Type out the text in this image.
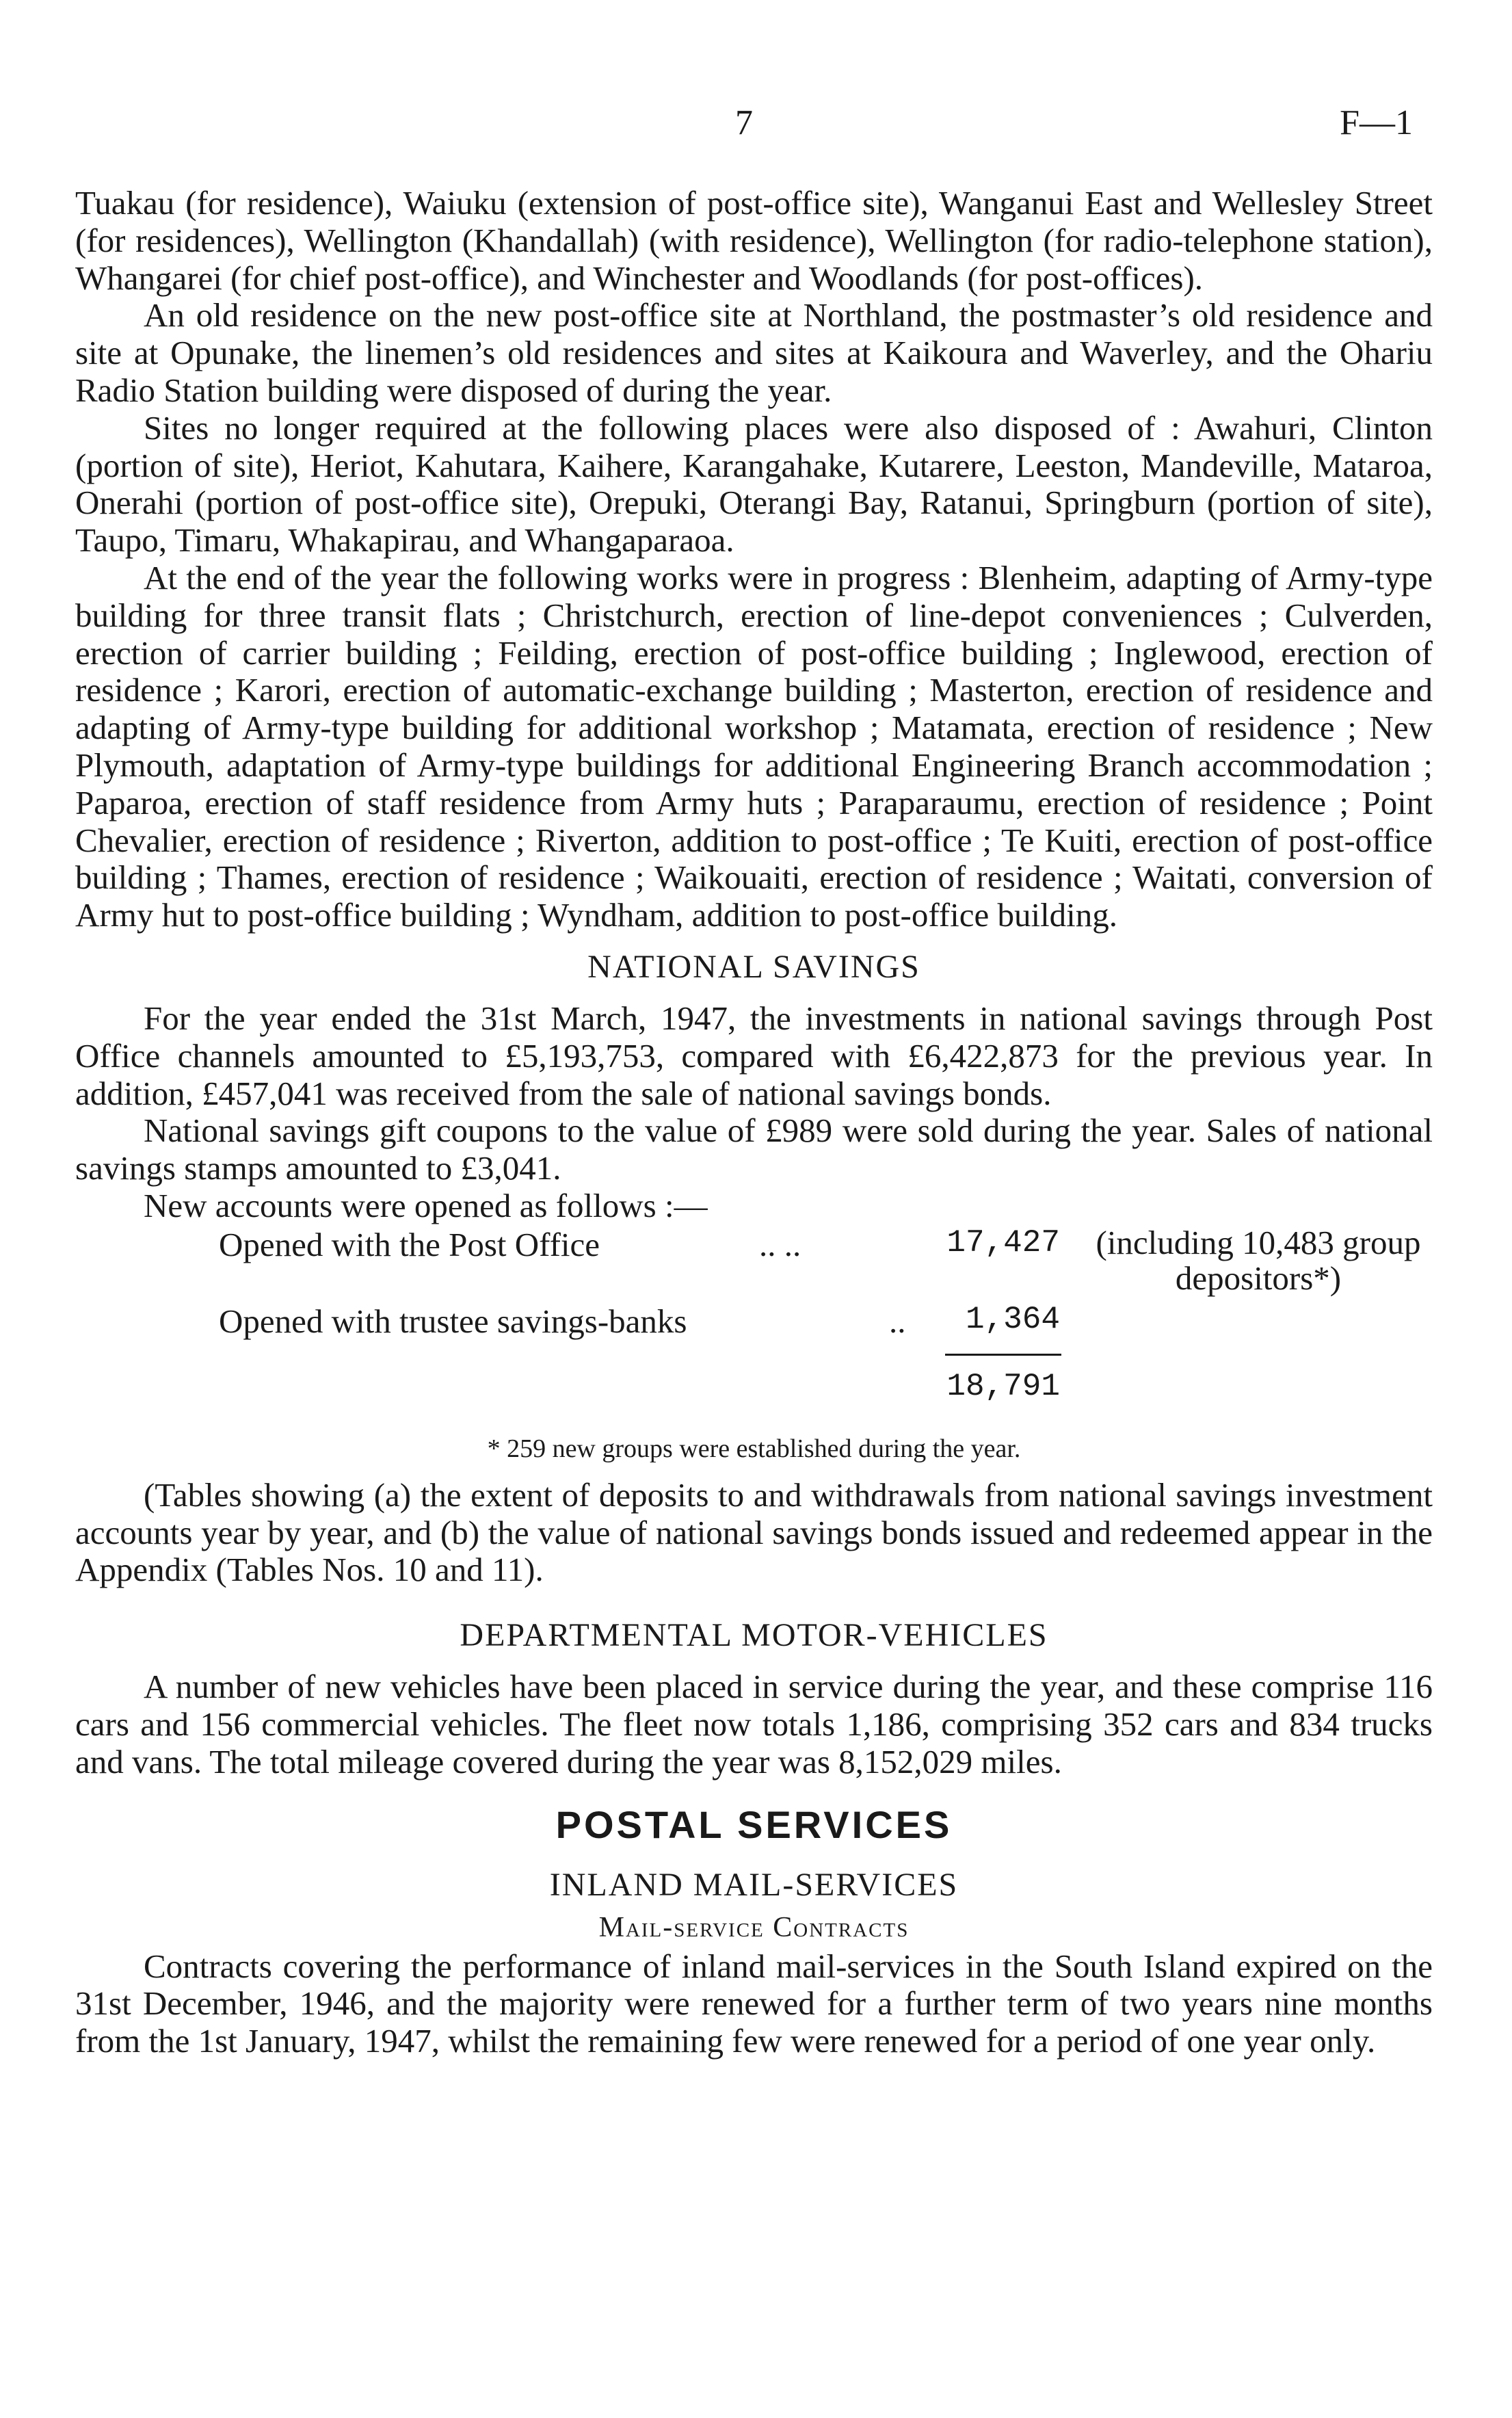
7	F—1

Tuakau (for residence), Waiuku (extension of post-office site), Wanganui East and Wellesley Street (for residences), Wellington (Khandallah) (with residence), Wellington (for radio-telephone station), Whangarei (for chief post-office), and Winchester and Woodlands (for post-offices).

An old residence on the new post-office site at Northland, the postmaster’s old residence and site at Opunake, the linemen’s old residences and sites at Kaikoura and Waverley, and the Ohariu Radio Station building were disposed of during the year.

Sites no longer required at the following places were also disposed of : Awahuri, Clinton (portion of site), Heriot, Kahutara, Kaihere, Karangahake, Kutarere, Leeston, Mandeville, Mataroa, Onerahi (portion of post-office site), Orepuki, Oterangi Bay, Ratanui, Springburn (portion of site), Taupo, Timaru, Whakapirau, and Whangaparaoa.

At the end of the year the following works were in progress : Blenheim, adapting of Army-type building for three transit flats ; Christchurch, erection of line-depot conveniences ; Culverden, erection of carrier building ; Feilding, erection of post-office building ; Inglewood, erection of residence ; Karori, erection of automatic-exchange building ; Masterton, erection of residence and adapting of Army-type building for additional workshop ; Matamata, erection of residence ; New Plymouth, adaptation of Army-type buildings for additional Engineering Branch accommodation ; Paparoa, erection of staff residence from Army huts ; Paraparaumu, erection of residence ; Point Chevalier, erection of residence ; Riverton, addition to post-office ; Te Kuiti, erection of post-office building ; Thames, erection of residence ; Waikouaiti, erection of residence ; Waitati, conversion of Army hut to post-office building ; Wyndham, addition to post-office building.

NATIONAL SAVINGS

For the year ended the 31st March, 1947, the investments in national savings through Post Office channels amounted to £5,193,753, compared with £6,422,873 for the previous year. In addition, £457,041 was received from the sale of national savings bonds.

National savings gift coupons to the value of £989 were sold during the year. Sales of national savings stamps amounted to £3,041.

New accounts were opened as follows :—

Opened with the Post Office	.. ..	17,427	(including 10,483 group depositors*)
Opened with trustee savings-banks	.. 1,364
18,791
* 259 new groups were established during the year.

(Tables showing (a) the extent of deposits to and withdrawals from national savings investment accounts year by year, and (b) the value of national savings bonds issued and redeemed appear in the Appendix (Tables Nos. 10 and 11).

DEPARTMENTAL MOTOR-VEHICLES

A number of new vehicles have been placed in service during the year, and these comprise 116 cars and 156 commercial vehicles. The fleet now totals 1,186, comprising 352 cars and 834 trucks and vans. The total mileage covered during the year was 8,152,029 miles.

POSTAL SERVICES
INLAND MAIL-SERVICES
Mail-service Contracts

Contracts covering the performance of inland mail-services in the South Island expired on the 31st December, 1946, and the majority were renewed for a further term of two years nine months from the 1st January, 1947, whilst the remaining few were renewed for a period of one year only.
